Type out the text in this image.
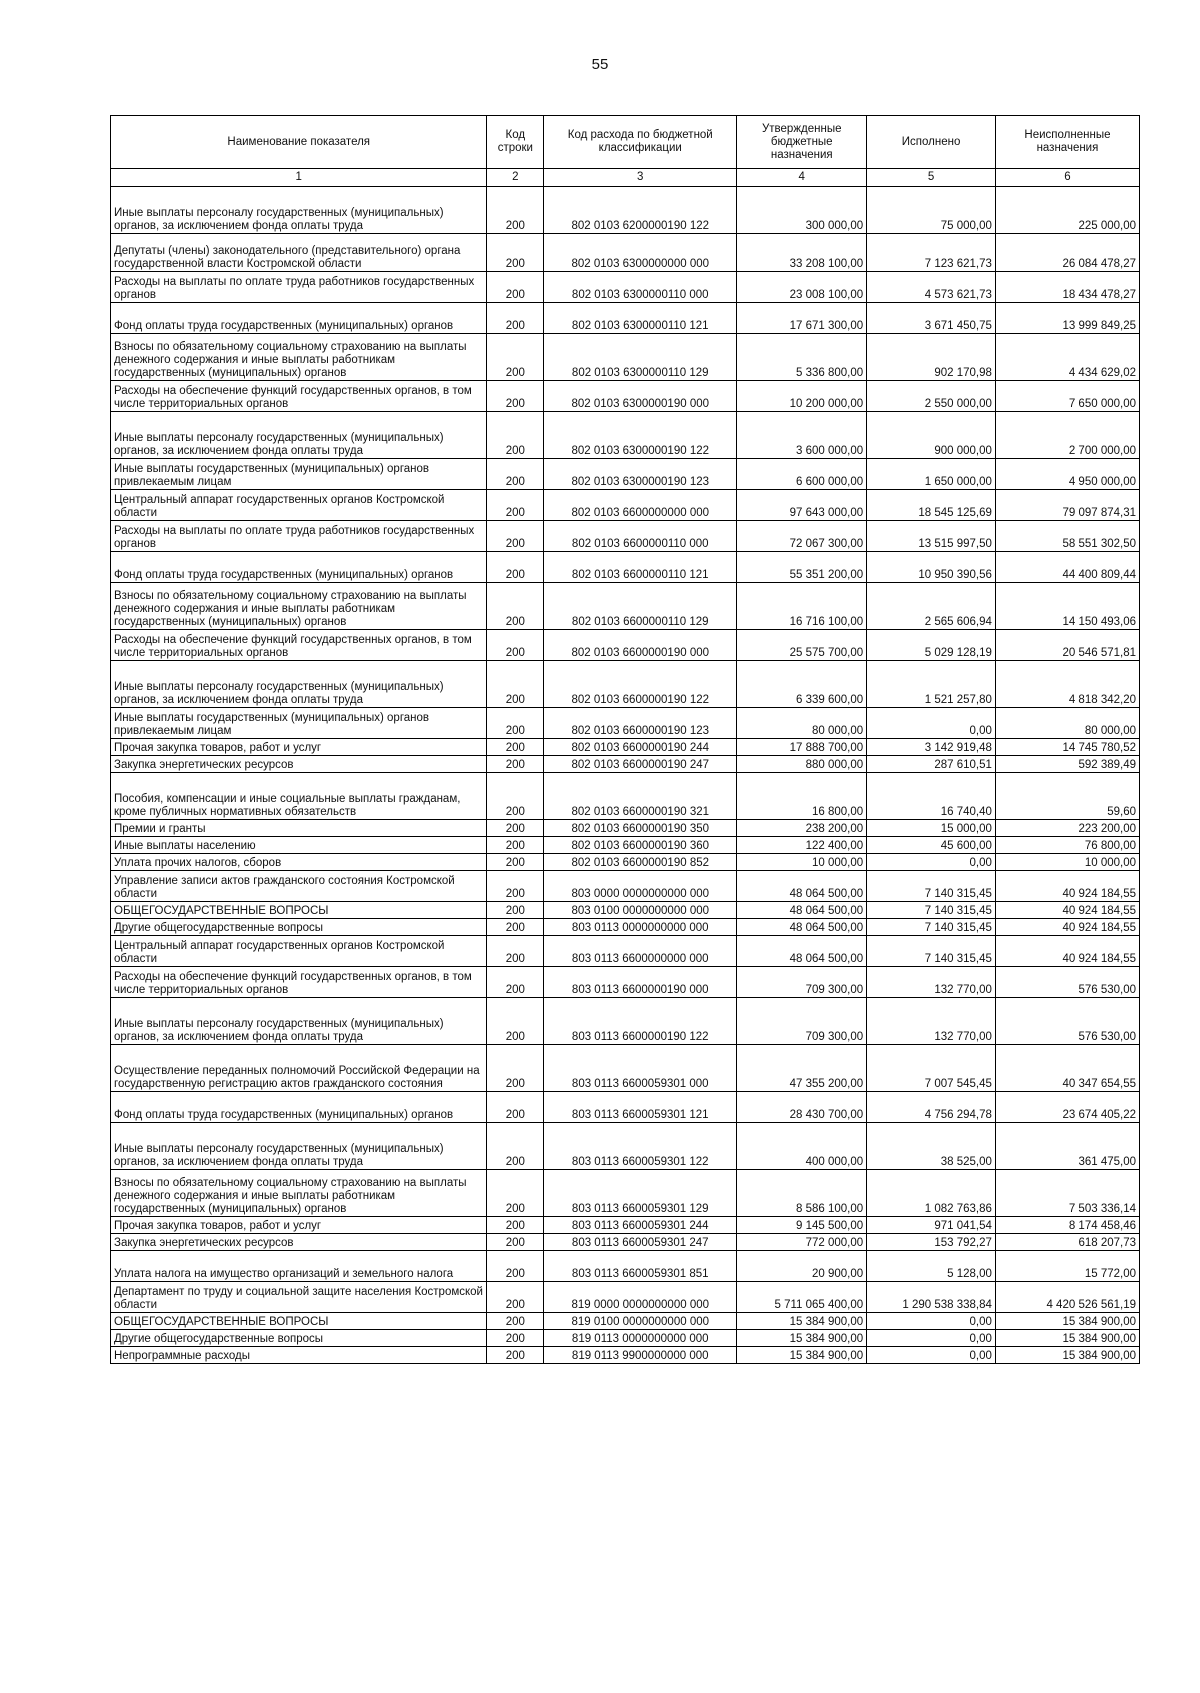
55
Наименование показателя	Код строки	Код расхода по бюджетной классификации	Утвержденные бюджетные назначения	Исполнено	Неисполненные назначения
1	2	3	4	5	6
Иные выплаты персоналу государственных (муниципальных) органов, за исключением фонда оплаты труда	200	802 0103 6200000190 122	300 000,00	75 000,00	225 000,00
Депутаты (члены) законодательного (представительного) органа государственной власти Костромской области	200	802 0103 6300000000 000	33 208 100,00	7 123 621,73	26 084 478,27
Расходы на выплаты по оплате труда работников государственных органов	200	802 0103 6300000110 000	23 008 100,00	4 573 621,73	18 434 478,27
Фонд оплаты труда государственных (муниципальных) органов	200	802 0103 6300000110 121	17 671 300,00	3 671 450,75	13 999 849,25
Взносы по обязательному социальному страхованию на выплаты денежного содержания и иные выплаты работникам государственных (муниципальных) органов	200	802 0103 6300000110 129	5 336 800,00	902 170,98	4 434 629,02
Расходы на обеспечение функций государственных органов, в том числе территориальных органов	200	802 0103 6300000190 000	10 200 000,00	2 550 000,00	7 650 000,00
Иные выплаты персоналу государственных (муниципальных) органов, за исключением фонда оплаты труда	200	802 0103 6300000190 122	3 600 000,00	900 000,00	2 700 000,00
Иные выплаты государственных (муниципальных) органов привлекаемым лицам	200	802 0103 6300000190 123	6 600 000,00	1 650 000,00	4 950 000,00
Центральный аппарат государственных органов Костромской области	200	802 0103 6600000000 000	97 643 000,00	18 545 125,69	79 097 874,31
Расходы на выплаты по оплате труда работников государственных органов	200	802 0103 6600000110 000	72 067 300,00	13 515 997,50	58 551 302,50
Фонд оплаты труда государственных (муниципальных) органов	200	802 0103 6600000110 121	55 351 200,00	10 950 390,56	44 400 809,44
Взносы по обязательному социальному страхованию на выплаты денежного содержания и иные выплаты работникам государственных (муниципальных) органов	200	802 0103 6600000110 129	16 716 100,00	2 565 606,94	14 150 493,06
Расходы на обеспечение функций государственных органов, в том числе территориальных органов	200	802 0103 6600000190 000	25 575 700,00	5 029 128,19	20 546 571,81
Иные выплаты персоналу государственных (муниципальных) органов, за исключением фонда оплаты труда	200	802 0103 6600000190 122	6 339 600,00	1 521 257,80	4 818 342,20
Иные выплаты государственных (муниципальных) органов привлекаемым лицам	200	802 0103 6600000190 123	80 000,00	0,00	80 000,00
Прочая закупка товаров, работ и услуг	200	802 0103 6600000190 244	17 888 700,00	3 142 919,48	14 745 780,52
Закупка энергетических ресурсов	200	802 0103 6600000190 247	880 000,00	287 610,51	592 389,49
Пособия, компенсации и иные социальные выплаты гражданам, кроме публичных нормативных обязательств	200	802 0103 6600000190 321	16 800,00	16 740,40	59,60
Премии и гранты	200	802 0103 6600000190 350	238 200,00	15 000,00	223 200,00
Иные выплаты населению	200	802 0103 6600000190 360	122 400,00	45 600,00	76 800,00
Уплата прочих налогов, сборов	200	802 0103 6600000190 852	10 000,00	0,00	10 000,00
Управление записи актов гражданского состояния Костромской области	200	803 0000 0000000000 000	48 064 500,00	7 140 315,45	40 924 184,55
ОБЩЕГОСУДАРСТВЕННЫЕ ВОПРОСЫ	200	803 0100 0000000000 000	48 064 500,00	7 140 315,45	40 924 184,55
Другие общегосударственные вопросы	200	803 0113 0000000000 000	48 064 500,00	7 140 315,45	40 924 184,55
Центральный аппарат государственных органов Костромской области	200	803 0113 6600000000 000	48 064 500,00	7 140 315,45	40 924 184,55
Расходы на обеспечение функций государственных органов, в том числе территориальных органов	200	803 0113 6600000190 000	709 300,00	132 770,00	576 530,00
Иные выплаты персоналу государственных (муниципальных) органов, за исключением фонда оплаты труда	200	803 0113 6600000190 122	709 300,00	132 770,00	576 530,00
Осуществление переданных полномочий Российской Федерации на государственную регистрацию актов гражданского состояния	200	803 0113 6600059301 000	47 355 200,00	7 007 545,45	40 347 654,55
Фонд оплаты труда государственных (муниципальных) органов	200	803 0113 6600059301 121	28 430 700,00	4 756 294,78	23 674 405,22
Иные выплаты персоналу государственных (муниципальных) органов, за исключением фонда оплаты труда	200	803 0113 6600059301 122	400 000,00	38 525,00	361 475,00
Взносы по обязательному социальному страхованию на выплаты денежного содержания и иные выплаты работникам государственных (муниципальных) органов	200	803 0113 6600059301 129	8 586 100,00	1 082 763,86	7 503 336,14
Прочая закупка товаров, работ и услуг	200	803 0113 6600059301 244	9 145 500,00	971 041,54	8 174 458,46
Закупка энергетических ресурсов	200	803 0113 6600059301 247	772 000,00	153 792,27	618 207,73
Уплата налога на имущество организаций и земельного налога	200	803 0113 6600059301 851	20 900,00	5 128,00	15 772,00
Департамент по труду и социальной защите населения Костромской области	200	819 0000 0000000000 000	5 711 065 400,00	1 290 538 338,84	4 420 526 561,19
ОБЩЕГОСУДАРСТВЕННЫЕ ВОПРОСЫ	200	819 0100 0000000000 000	15 384 900,00	0,00	15 384 900,00
Другие общегосударственные вопросы	200	819 0113 0000000000 000	15 384 900,00	0,00	15 384 900,00
Непрограммные расходы	200	819 0113 9900000000 000	15 384 900,00	0,00	15 384 900,00
